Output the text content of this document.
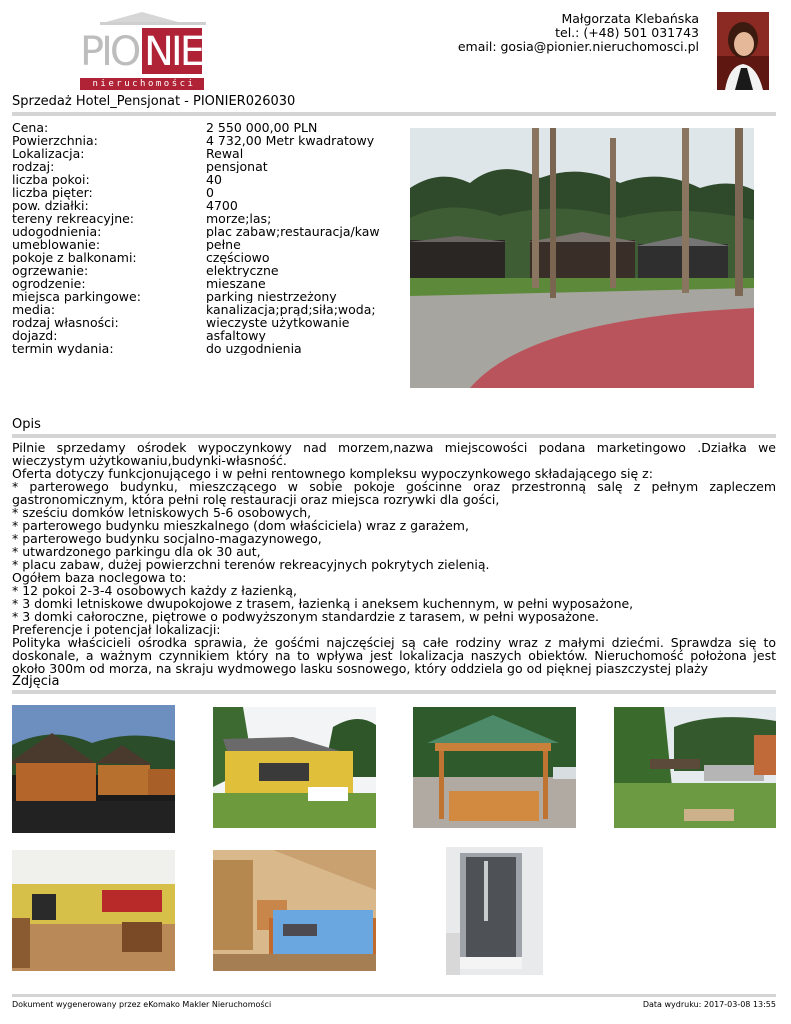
PIO NIER
nieruchomości
Małgorzata Klebańska
tel.: (+48) 501 031743
email: gosia@pionier.nieruchomosci.pl
Sprzedaż Hotel_Pensjonat - PIONIER026030
Cena:	2 550 000,00 PLN
Powierzchnia:	4 732,00 Metr kwadratowy
Lokalizacja:	Rewal
rodzaj:	pensjonat
liczba pokoi:	40
liczba pięter:	0
pow. działki:	4700
tereny rekreacyjne:	morze;las;
udogodnienia:	plac zabaw;restauracja/kaw
umeblowanie:	pełne
pokoje z balkonami:	częściowo
ogrzewanie:	elektryczne
ogrodzenie:	mieszane
miejsca parkingowe:	parking niestrzeżony
media:	kanalizacja;prąd;siła;woda;
rodzaj własności:	wieczyste użytkowanie
dojazd:	asfaltowy
termin wydania:	do uzgodnienia
Opis

Pilnie sprzedamy ośrodek wypoczynkowy nad morzem,nazwa miejscowości podana marketingowo .Działka we wieczystym użytkowaniu,budynki-własność.

Oferta dotyczy funkcjonującego i w pełni rentownego kompleksu wypoczynkowego składającego się z:

* parterowego budynku, mieszczącego w sobie pokoje gościnne oraz przestronną salę z pełnym zapleczem gastronomicznym, która pełni rolę restauracji oraz miejsca rozrywki dla gości,

* sześciu domków letniskowych 5-6 osobowych,

* parterowego budynku mieszkalnego (dom właściciela) wraz z garażem,

* parterowego budynku socjalno-magazynowego,

* utwardzonego parkingu dla ok 30 aut,

* placu zabaw, dużej powierzchni terenów rekreacyjnych pokrytych zielenią.

Ogółem baza noclegowa to:

* 12 pokoi 2-3-4 osobowych każdy z łazienką,

* 3 domki letniskowe dwupokojowe z trasem, łazienką i aneksem kuchennym, w pełni wyposażone,

* 3 domki całoroczne, piętrowe o podwyższonym standardzie z tarasem, w pełni wyposażone.

Preferencje i potencjał lokalizacji:

Polityka właścicieli ośrodka sprawia, że gośćmi najczęściej są całe rodziny wraz z małymi dziećmi. Sprawdza się to doskonale, a ważnym czynnikiem który na to wpływa jest lokalizacja naszych obiektów. Nieruchomość położona jest około 300m od morza, na skraju wydmowego lasku sosnowego, który oddziela go od pięknej piaszczystej plaży

Zdjęcia
Dokument wygenerowany przez eKomako Makler Nieruchomości	Data wydruku: 2017-03-08 13:55
